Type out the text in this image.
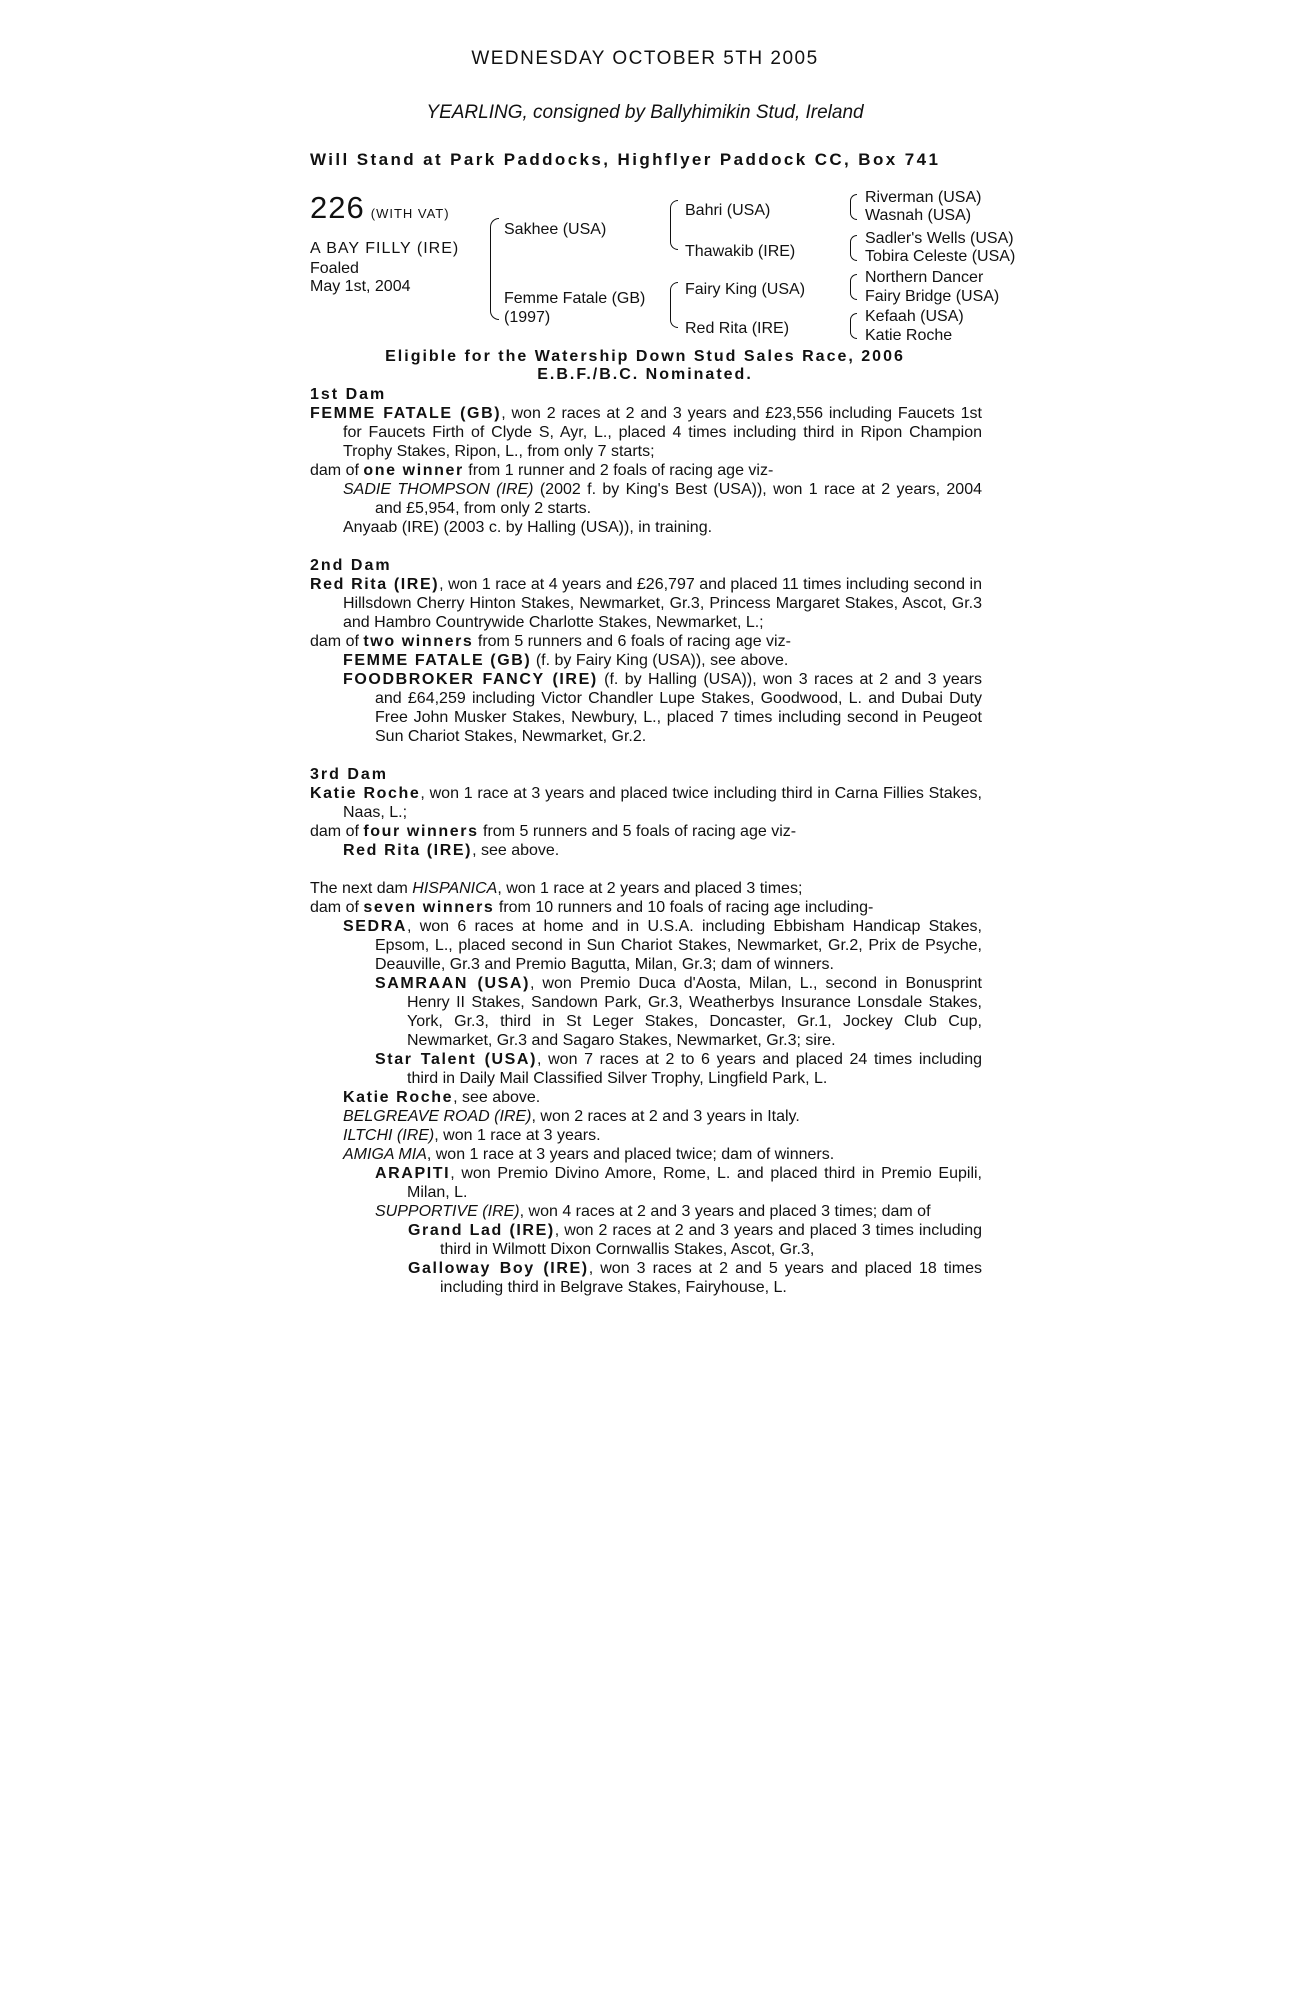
WEDNESDAY OCTOBER 5TH 2005
YEARLING, consigned by Ballyhimikin Stud, Ireland
Will Stand at Park Paddocks, Highflyer Paddock CC, Box 741
226 (WITH VAT)
A BAY FILLY (IRE)
Foaled
May 1st, 2004
Sakhee (USA)
Femme Fatale (GB)
(1997)
Bahri (USA)
Thawakib (IRE)
Fairy King (USA)
Red Rita (IRE)
Riverman (USA)
Wasnah (USA)
Sadler's Wells (USA)
Tobira Celeste (USA)
Northern Dancer
Fairy Bridge (USA)
Kefaah (USA)
Katie Roche
Eligible for the Watership Down Stud Sales Race, 2006
E.B.F./B.C. Nominated.
1st Dam
FEMME FATALE (GB), won 2 races at 2 and 3 years and £23,556 including Faucets 1st for Faucets Firth of Clyde S, Ayr, L., placed 4 times including third in Ripon Champion Trophy Stakes, Ripon, L., from only 7 starts;
dam of one winner from 1 runner and 2 foals of racing age viz-
SADIE THOMPSON (IRE) (2002 f. by King's Best (USA)), won 1 race at 2 years, 2004 and £5,954, from only 2 starts.
Anyaab (IRE) (2003 c. by Halling (USA)), in training.
2nd Dam
Red Rita (IRE), won 1 race at 4 years and £26,797 and placed 11 times including second in Hillsdown Cherry Hinton Stakes, Newmarket, Gr.3, Princess Margaret Stakes, Ascot, Gr.3 and Hambro Countrywide Charlotte Stakes, Newmarket, L.;
dam of two winners from 5 runners and 6 foals of racing age viz-
FEMME FATALE (GB) (f. by Fairy King (USA)), see above.
FOODBROKER FANCY (IRE) (f. by Halling (USA)), won 3 races at 2 and 3 years and £64,259 including Victor Chandler Lupe Stakes, Goodwood, L. and Dubai Duty Free John Musker Stakes, Newbury, L., placed 7 times including second in Peugeot Sun Chariot Stakes, Newmarket, Gr.2.
3rd Dam
Katie Roche, won 1 race at 3 years and placed twice including third in Carna Fillies Stakes, Naas, L.;
dam of four winners from 5 runners and 5 foals of racing age viz-
Red Rita (IRE), see above.
The next dam HISPANICA, won 1 race at 2 years and placed 3 times;
dam of seven winners from 10 runners and 10 foals of racing age including-
SEDRA, won 6 races at home and in U.S.A. including Ebbisham Handicap Stakes, Epsom, L., placed second in Sun Chariot Stakes, Newmarket, Gr.2, Prix de Psyche, Deauville, Gr.3 and Premio Bagutta, Milan, Gr.3; dam of winners.
SAMRAAN (USA), won Premio Duca d'Aosta, Milan, L., second in Bonusprint Henry II Stakes, Sandown Park, Gr.3, Weatherbys Insurance Lonsdale Stakes, York, Gr.3, third in St Leger Stakes, Doncaster, Gr.1, Jockey Club Cup, Newmarket, Gr.3 and Sagaro Stakes, Newmarket, Gr.3; sire.
Star Talent (USA), won 7 races at 2 to 6 years and placed 24 times including third in Daily Mail Classified Silver Trophy, Lingfield Park, L.
Katie Roche, see above.
BELGREAVE ROAD (IRE), won 2 races at 2 and 3 years in Italy.
ILTCHI (IRE), won 1 race at 3 years.
AMIGA MIA, won 1 race at 3 years and placed twice; dam of winners.
ARAPITI, won Premio Divino Amore, Rome, L. and placed third in Premio Eupili, Milan, L.
SUPPORTIVE (IRE), won 4 races at 2 and 3 years and placed 3 times; dam of
Grand Lad (IRE), won 2 races at 2 and 3 years and placed 3 times including third in Wilmott Dixon Cornwallis Stakes, Ascot, Gr.3,
Galloway Boy (IRE), won 3 races at 2 and 5 years and placed 18 times including third in Belgrave Stakes, Fairyhouse, L.
